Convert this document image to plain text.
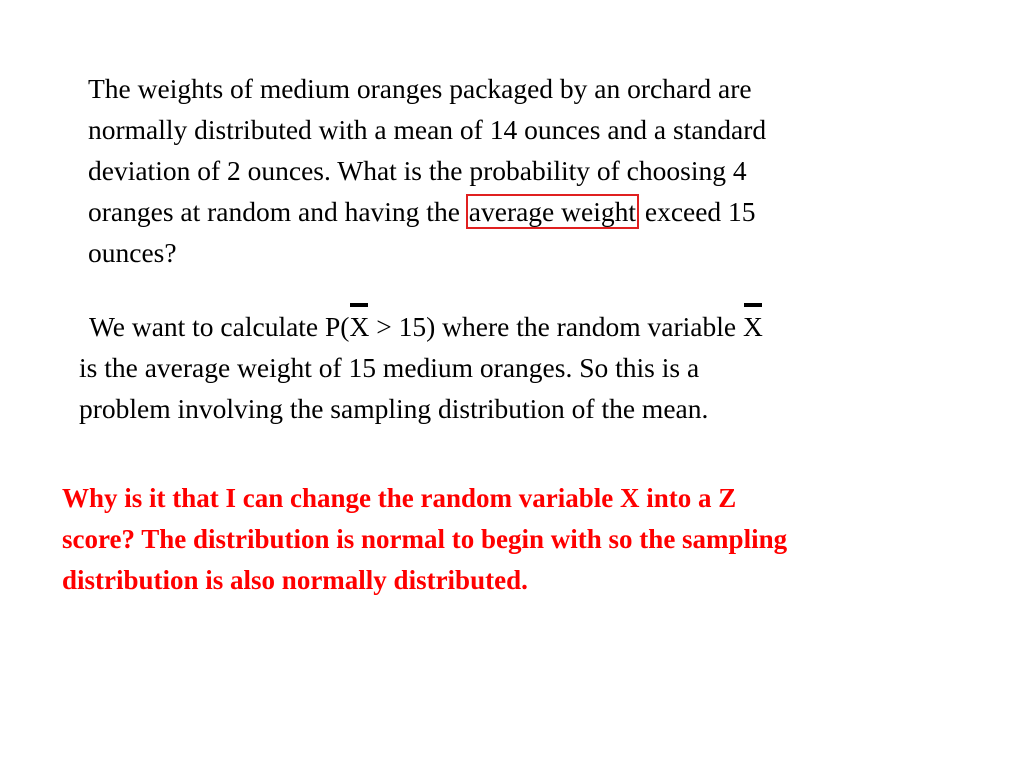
The weights of medium oranges packaged by an orchard are
normally distributed with a mean of 14 ounces and a standard
deviation of 2 ounces. What is the probability of choosing 4
oranges at random and having the average weight exceed 15
ounces?
We want to calculate P(X > 15) where the random variable X
is the average weight of 15 medium oranges. So this is a
problem involving the sampling distribution of the mean.
Why is it that I can change the random variable X into a Z
score? The distribution is normal to begin with so the sampling
distribution is also normally distributed.
